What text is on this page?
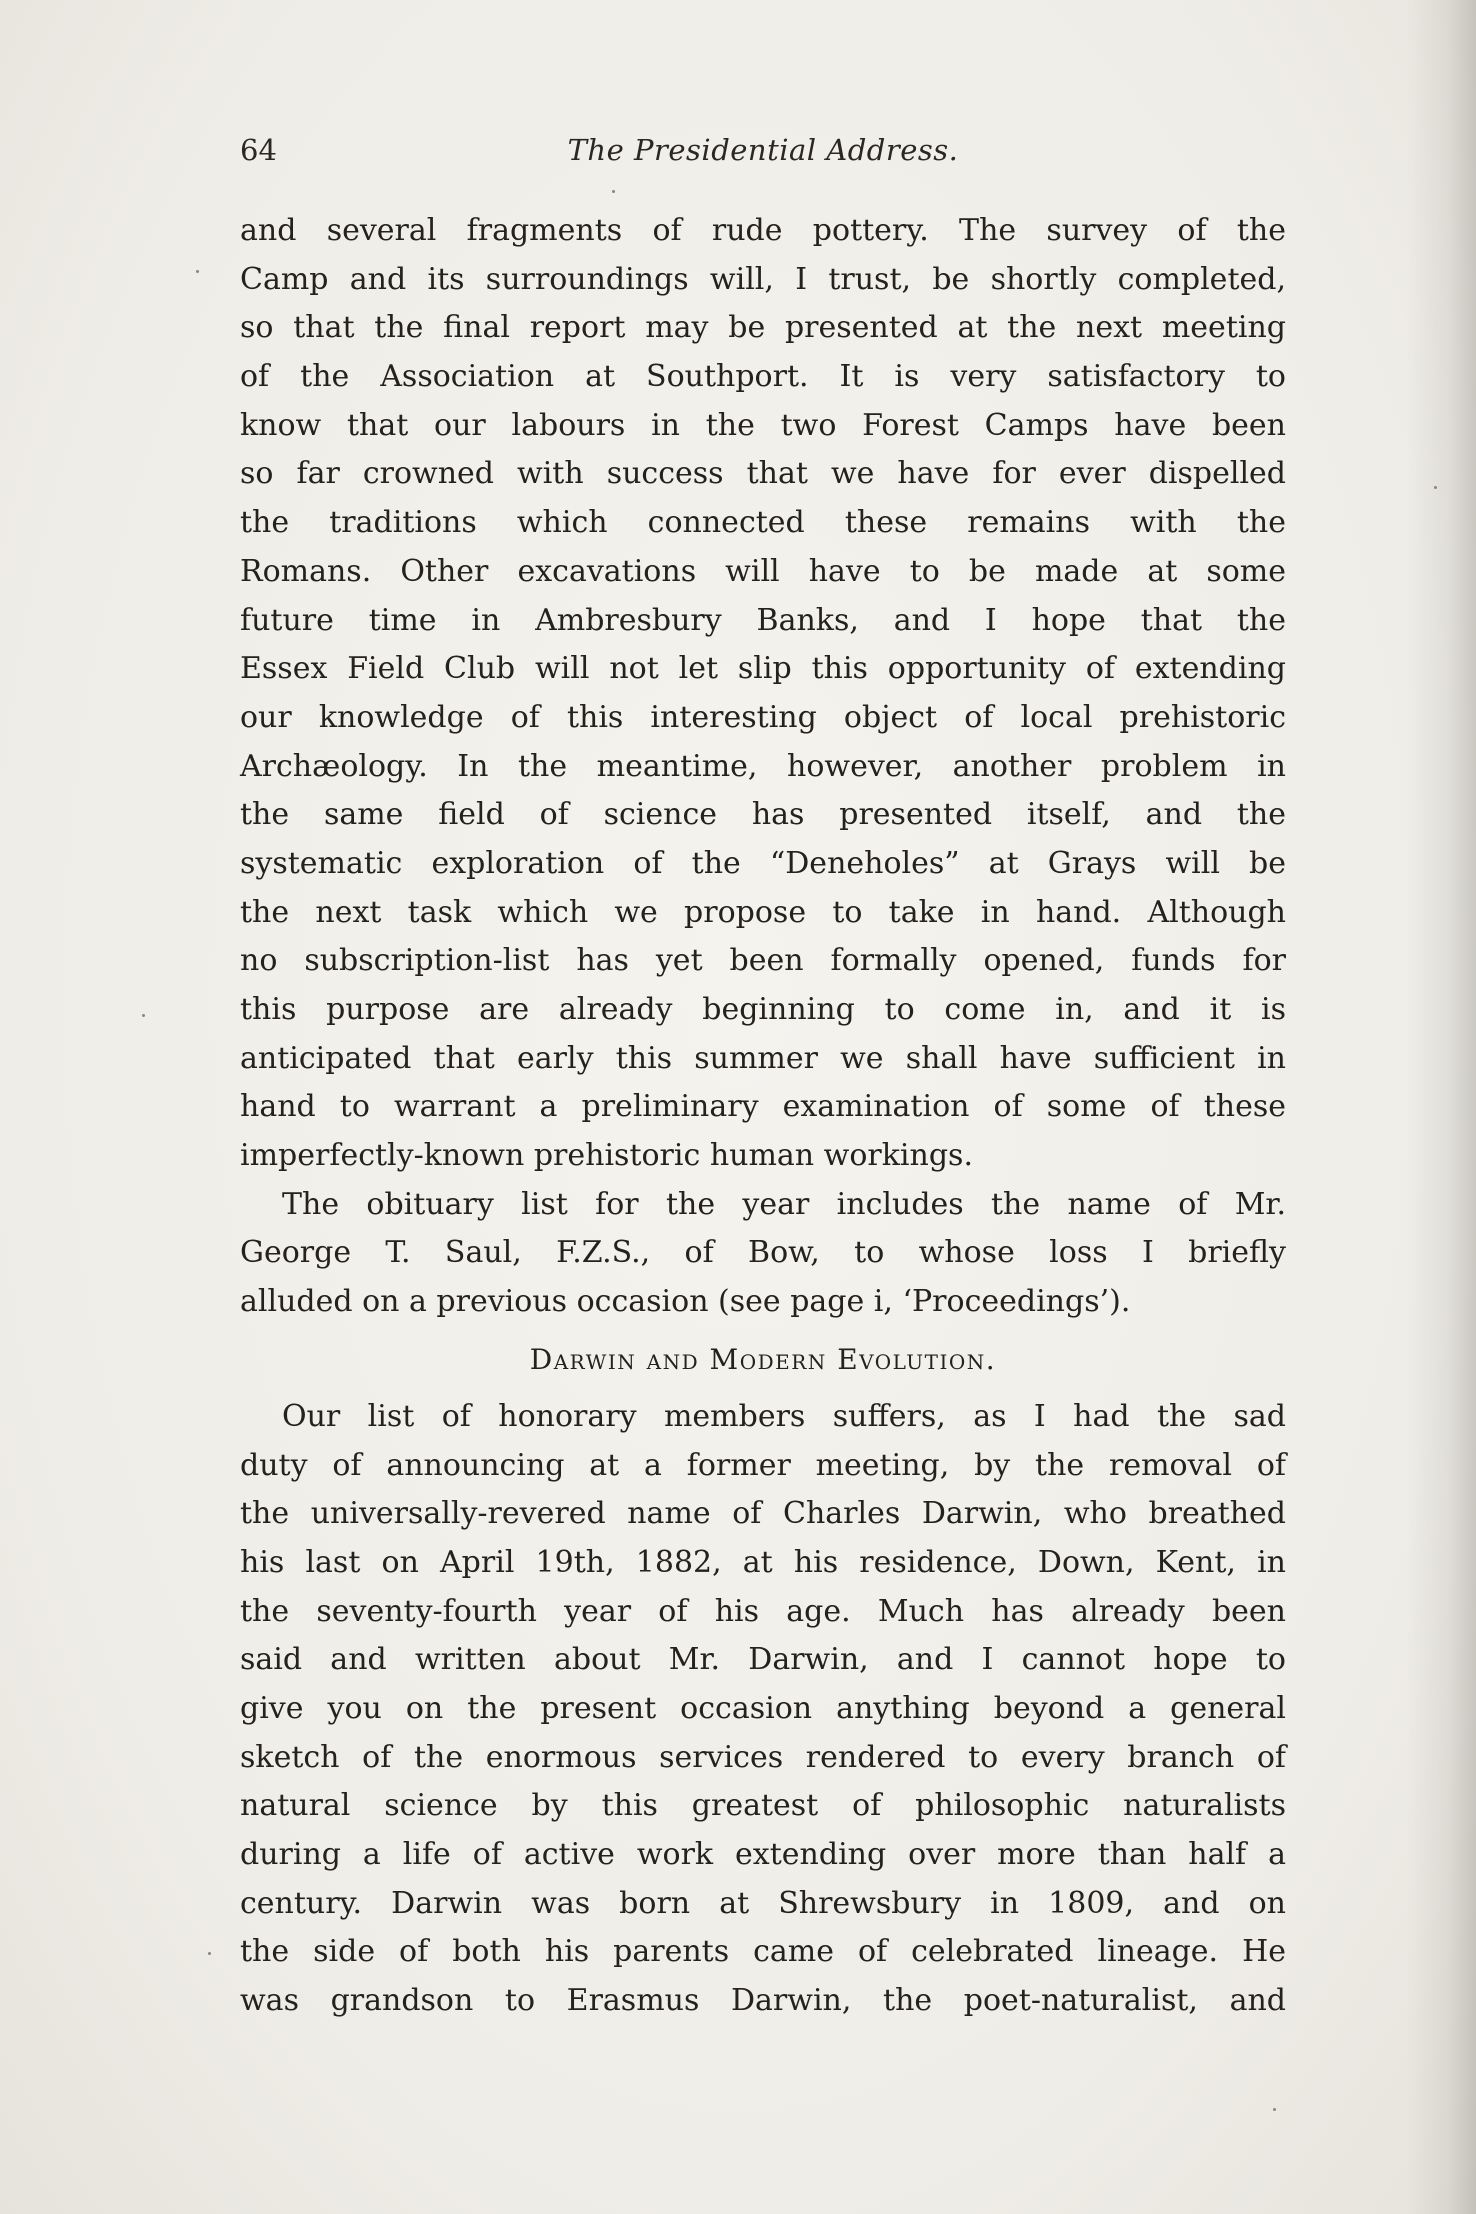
64	The Presidential Address.
and several fragments of rude pottery. The survey of the
Camp and its surroundings will, I trust, be shortly completed,
so that the final report may be presented at the next meeting
of the Association at Southport. It is very satisfactory to
know that our labours in the two Forest Camps have been
so far crowned with success that we have for ever dispelled
the traditions which connected these remains with the
Romans. Other excavations will have to be made at some
future time in Ambresbury Banks, and I hope that the
Essex Field Club will not let slip this opportunity of extending
our knowledge of this interesting object of local prehistoric
Archæology. In the meantime, however, another problem in
the same field of science has presented itself, and the
systematic exploration of the “Deneholes” at Grays will be
the next task which we propose to take in hand. Although
no subscription-list has yet been formally opened, funds for
this purpose are already beginning to come in, and it is
anticipated that early this summer we shall have sufficient in
hand to warrant a preliminary examination of some of these
imperfectly-known prehistoric human workings.
The obituary list for the year includes the name of Mr.
George T. Saul, F.Z.S., of Bow, to whose loss I briefly
alluded on a previous occasion (see page i, ‘Proceedings’).
Darwin and Modern Evolution.
Our list of honorary members suffers, as I had the sad
duty of announcing at a former meeting, by the removal of
the universally-revered name of Charles Darwin, who breathed
his last on April 19th, 1882, at his residence, Down, Kent, in
the seventy-fourth year of his age. Much has already been
said and written about Mr. Darwin, and I cannot hope to
give you on the present occasion anything beyond a general
sketch of the enormous services rendered to every branch of
natural science by this greatest of philosophic naturalists
during a life of active work extending over more than half a
century. Darwin was born at Shrewsbury in 1809, and on
the side of both his parents came of celebrated lineage. He
was grandson to Erasmus Darwin, the poet-naturalist, and
